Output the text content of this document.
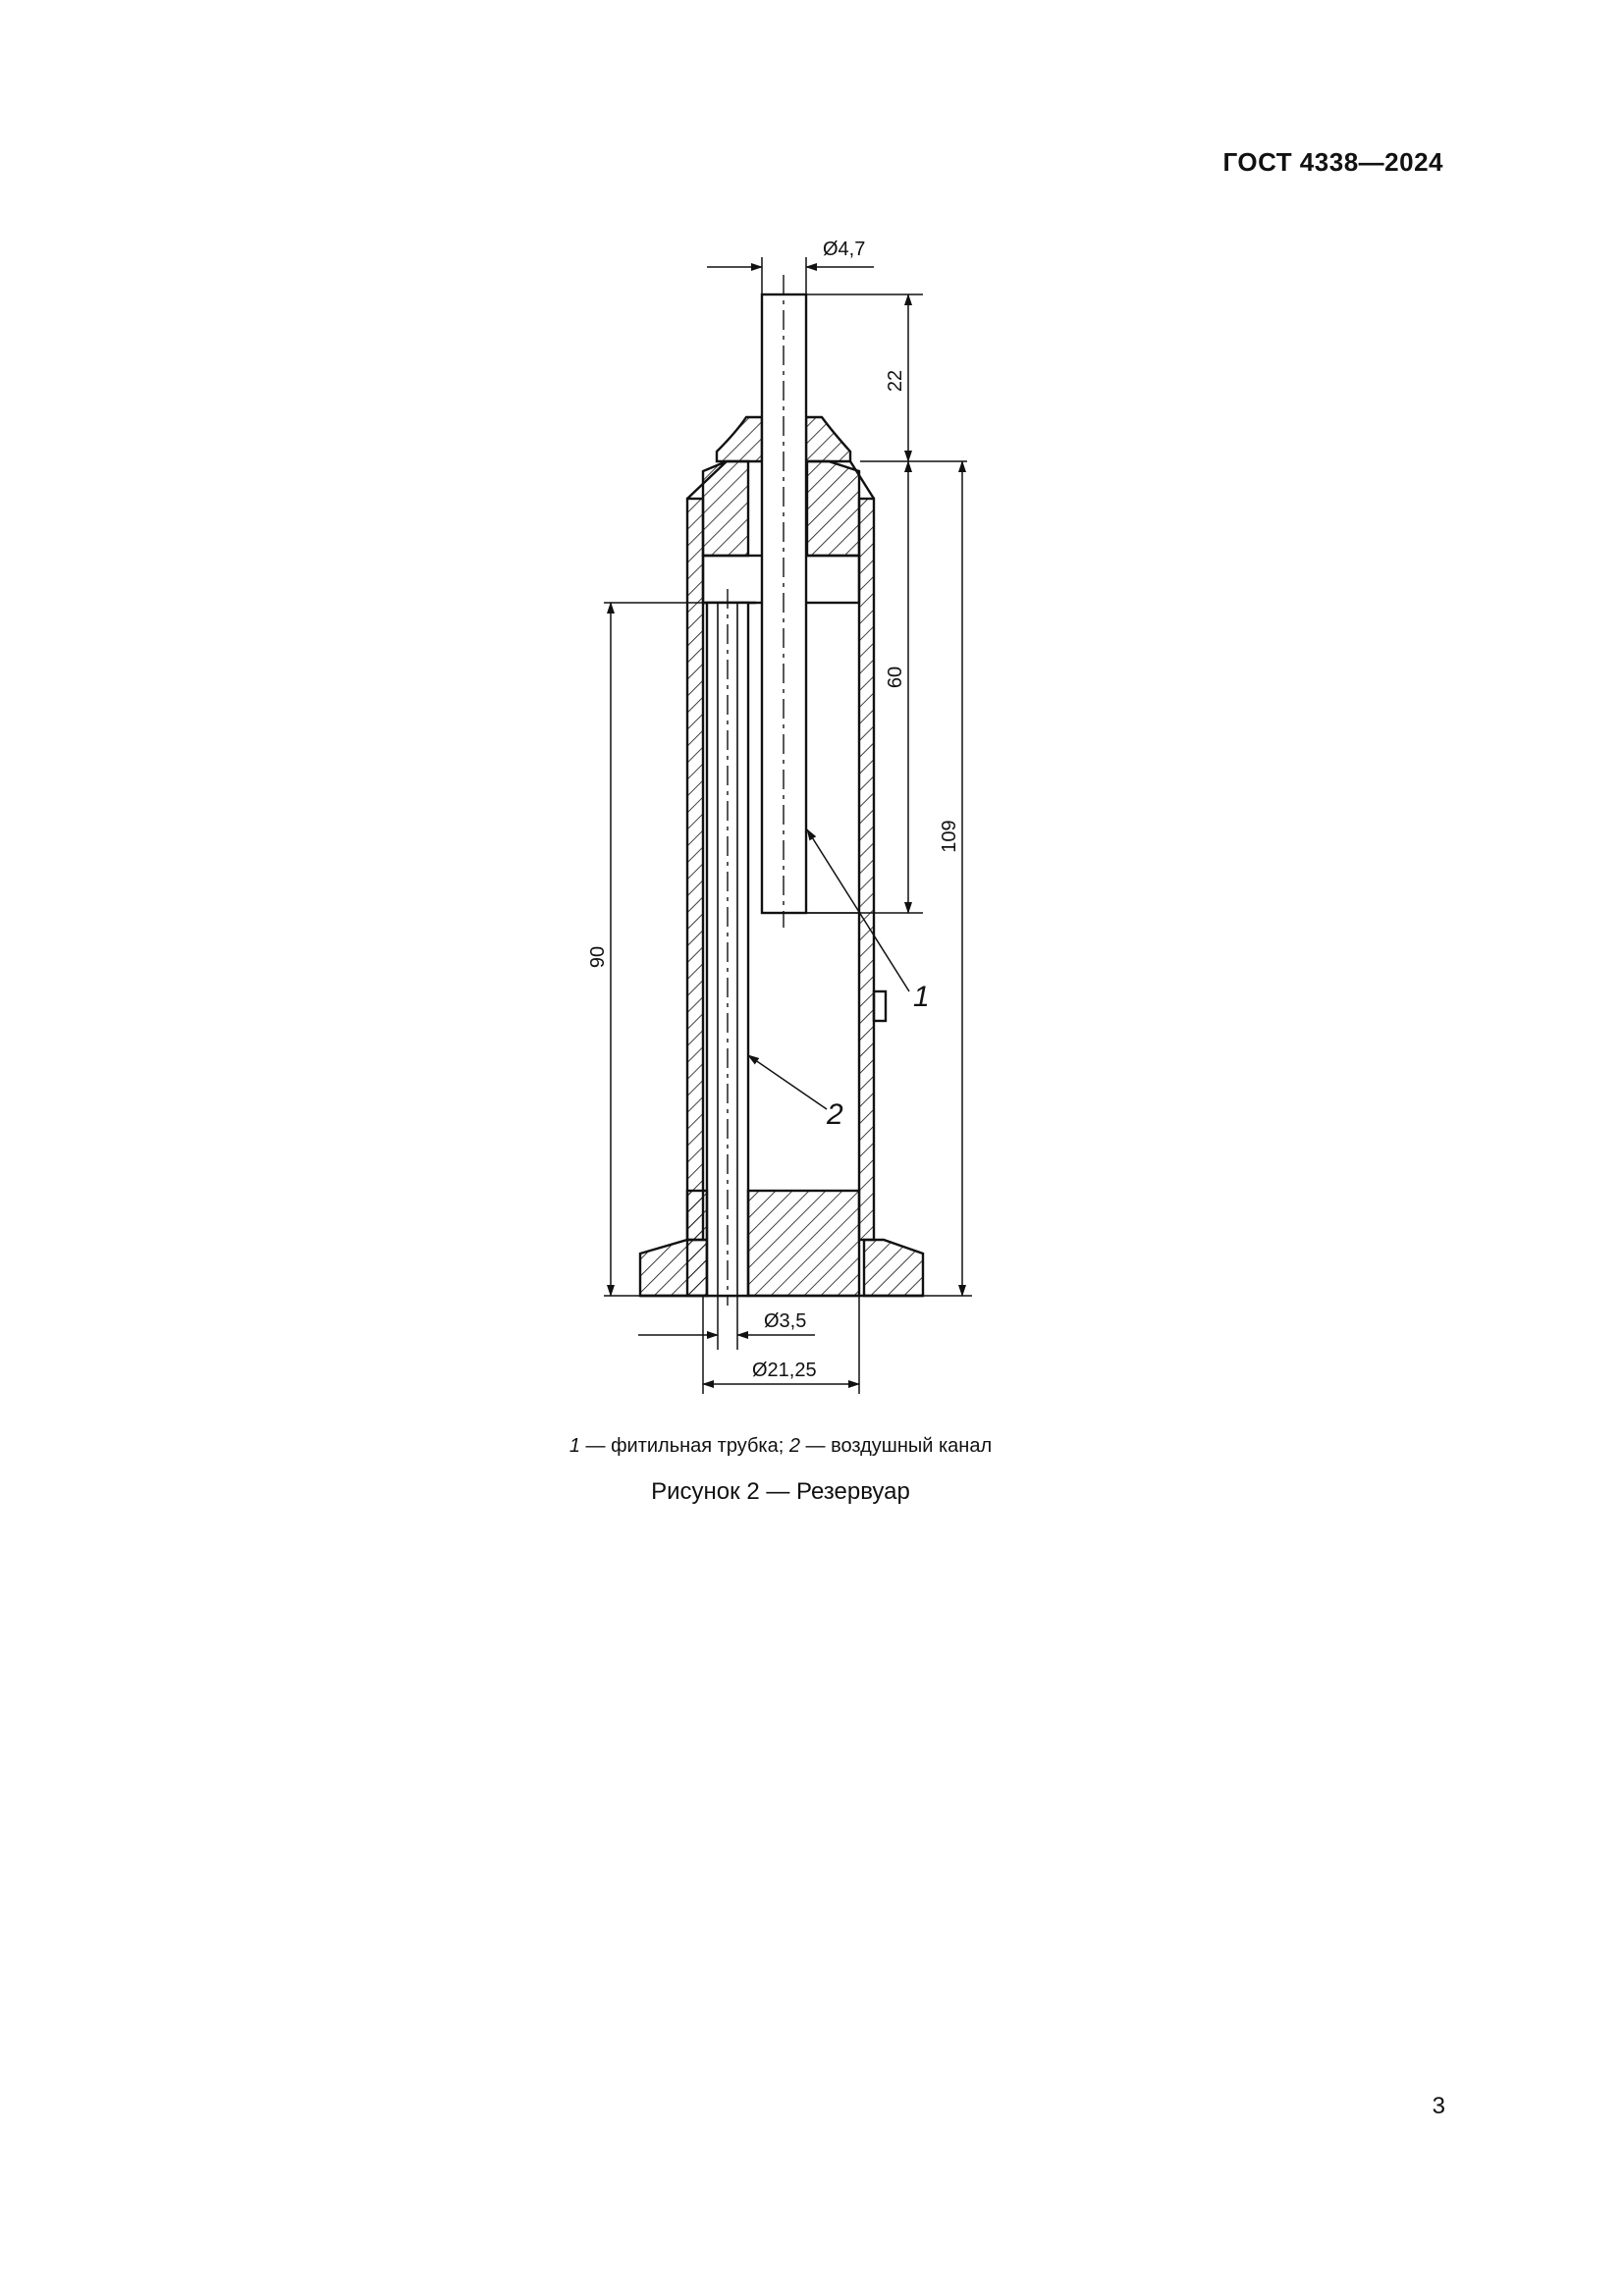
ГОСТ 4338—2024
Ø4,7
22
60
109
90
Ø3,5
Ø21,25
1
2
1 — фитильная трубка; 2 — воздушный канал
Рисунок 2 — Резервуар
3
